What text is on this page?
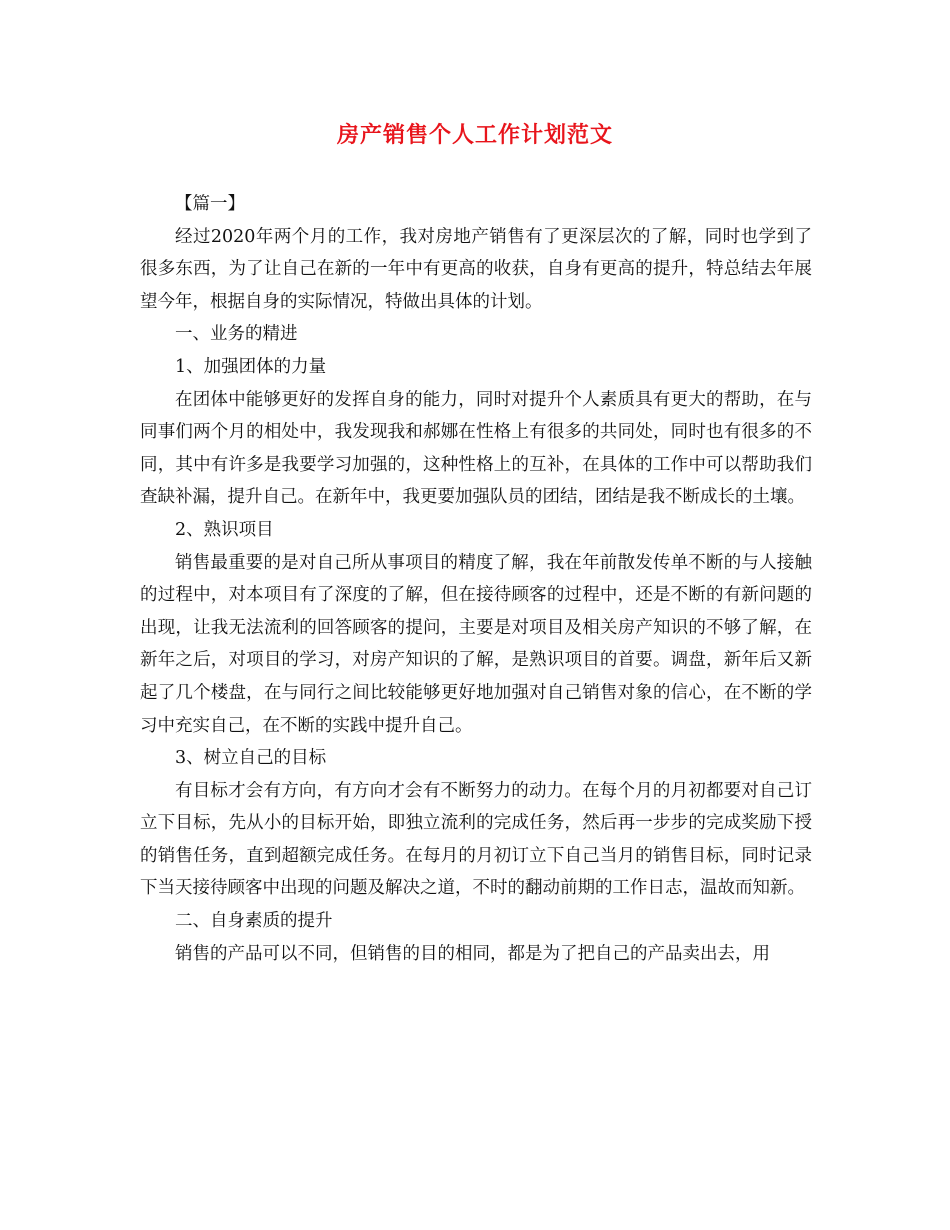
房产销售个人工作计划范文

【篇一】

经过2020年两个月的工作，我对房地产销售有了更深层次的了解，同时也学到了很多东西，为了让自己在新的一年中有更高的收获，自身有更高的提升，特总结去年展望今年，根据自身的实际情况，特做出具体的计划。

一、业务的精进

1、加强团体的力量

在团体中能够更好的发挥自身的能力，同时对提升个人素质具有更大的帮助，在与同事们两个月的相处中，我发现我和郝娜在性格上有很多的共同处，同时也有很多的不同，其中有许多是我要学习加强的，这种性格上的互补，在具体的工作中可以帮助我们查缺补漏，提升自己。在新年中，我更要加强队员的团结，团结是我不断成长的土壤。

2、熟识项目

销售最重要的是对自己所从事项目的精度了解，我在年前散发传单不断的与人接触的过程中，对本项目有了深度的了解，但在接待顾客的过程中，还是不断的有新问题的出现，让我无法流利的回答顾客的提问，主要是对项目及相关房产知识的不够了解，在新年之后，对项目的学习，对房产知识的了解，是熟识项目的首要。调盘，新年后又新起了几个楼盘，在与同行之间比较能够更好地加强对自己销售对象的信心，在不断的学习中充实自己，在不断的实践中提升自己。

3、树立自己的目标

有目标才会有方向，有方向才会有不断努力的动力。在每个月的月初都要对自己订立下目标，先从小的目标开始，即独立流利的完成任务，然后再一步步的完成奖励下授的销售任务，直到超额完成任务。在每月的月初订立下自己当月的销售目标，同时记录下当天接待顾客中出现的问题及解决之道，不时的翻动前期的工作日志，温故而知新。

二、自身素质的提升

销售的产品可以不同，但销售的目的相同，都是为了把自己的产品卖出去，用
